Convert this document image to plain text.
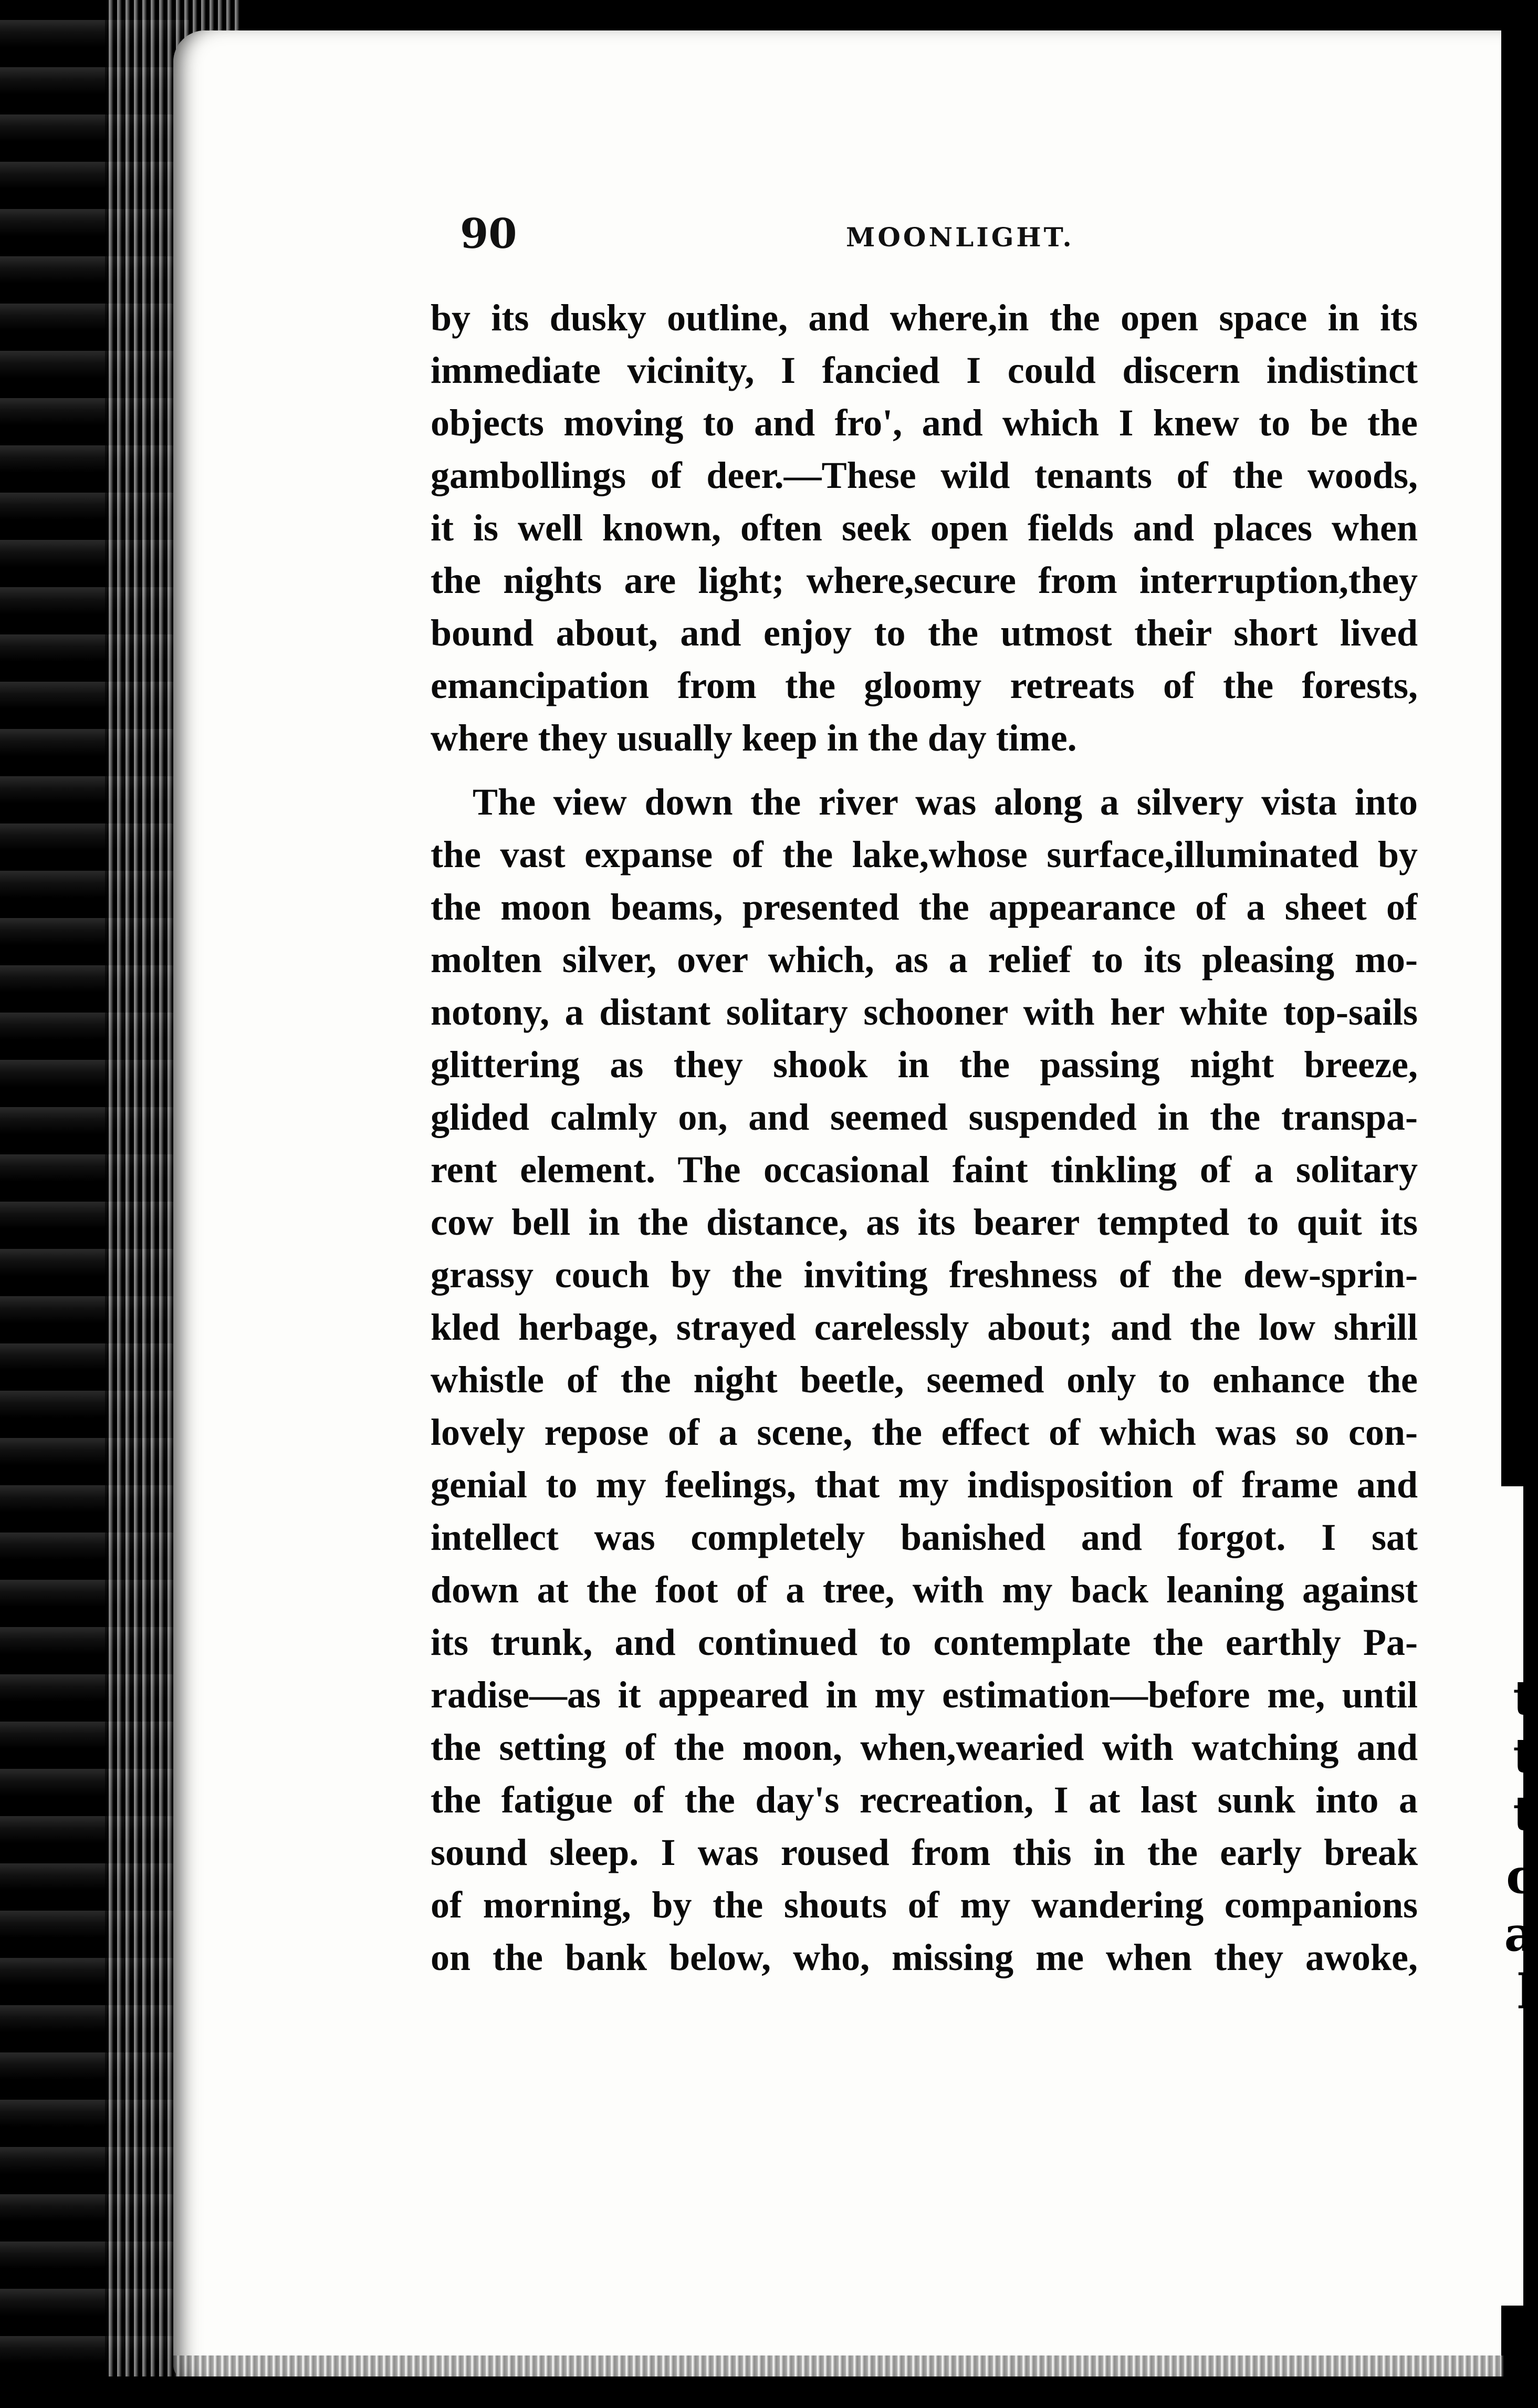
t
t
t
c
a
l
90	MOONLIGHT.
by its dusky outline, and where,in the open space in its
immediate vicinity, I fancied I could discern indistinct
objects moving to and fro', and which I knew to be the
gambollings of deer.—These wild tenants of the woods,
it is well known, often seek open fields and places when
the nights are light; where,secure from interruption,they
bound about, and enjoy to the utmost their short lived
emancipation from the gloomy retreats of the forests,
where they usually keep in the day time.
The view down the river was along a silvery vista into
the vast expanse of the lake,whose surface,illuminated by
the moon beams, presented the appearance of a sheet of
molten silver, over which, as a relief to its pleasing mo-
notony, a distant solitary schooner with her white top-sails
glittering as they shook in the passing night breeze,
glided calmly on, and seemed suspended in the transpa-
rent element. The occasional faint tinkling of a solitary
cow bell in the distance, as its bearer tempted to quit its
grassy couch by the inviting freshness of the dew-sprin-
kled herbage, strayed carelessly about; and the low shrill
whistle of the night beetle, seemed only to enhance the
lovely repose of a scene, the effect of which was so con-
genial to my feelings, that my indisposition of frame and
intellect was completely banished and forgot. I sat
down at the foot of a tree, with my back leaning against
its trunk, and continued to contemplate the earthly Pa-
radise—as it appeared in my estimation—before me, until
the setting of the moon, when,wearied with watching and
the fatigue of the day's recreation, I at last sunk into a
sound sleep. I was roused from this in the early break
of morning, by the shouts of my wandering companions
on the bank below, who, missing me when they awoke,
